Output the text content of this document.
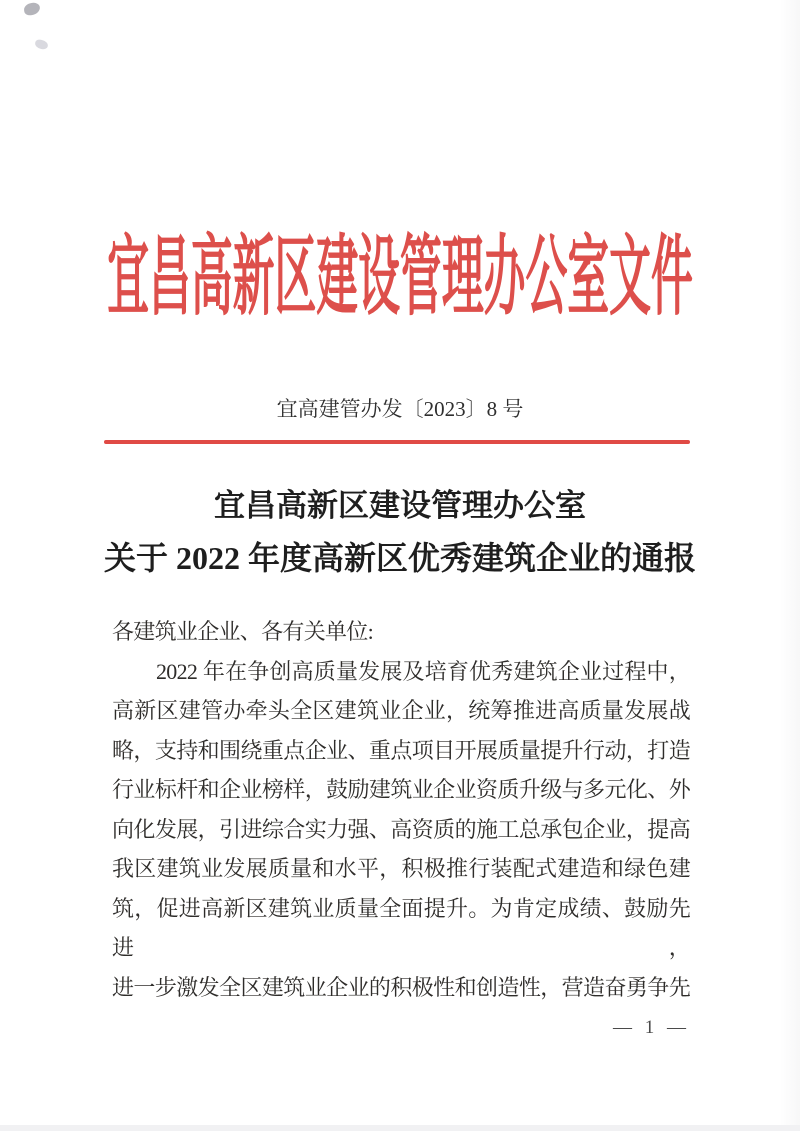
宜昌高新区建设管理办公室文件
宜高建管办发〔2023〕8 号
宜昌高新区建设管理办公室
关于 2022 年度高新区优秀建筑企业的通报
各建筑业企业、各有关单位:
2022 年在争创高质量发展及培育优秀建筑企业过程中，
高新区建管办牵头全区建筑业企业，统筹推进高质量发展战
略，支持和围绕重点企业、重点项目开展质量提升行动，打造
行业标杆和企业榜样，鼓励建筑业企业资质升级与多元化、外
向化发展，引进综合实力强、高资质的施工总承包企业，提高
我区建筑业发展质量和水平，积极推行装配式建造和绿色建
筑，促进高新区建筑业质量全面提升。为肯定成绩、鼓励先进，
进一步激发全区建筑业企业的积极性和创造性，营造奋勇争先
— 1 —
